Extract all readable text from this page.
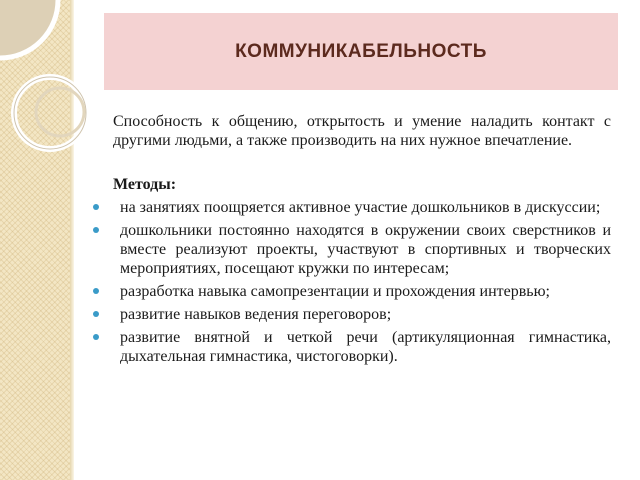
КОММУНИКАБЕЛЬНОСТЬ

Способность к общению, открытость и умение наладить контакт с другими людьми, а также производить на них нужное впечатление.

Методы:
на занятиях поощряется активное участие дошкольников в дискуссии;
дошкольники постоянно находятся в окружении своих сверстников и вместе реализуют проекты, участвуют в спортивных и творческих мероприятиях, посещают кружки по интересам;
разработка навыка самопрезентации и прохождения интервью;
развитие навыков ведения переговоров;
развитие внятной и четкой речи (артикуляционная гимнастика, дыхательная гимнастика, чистоговорки).
